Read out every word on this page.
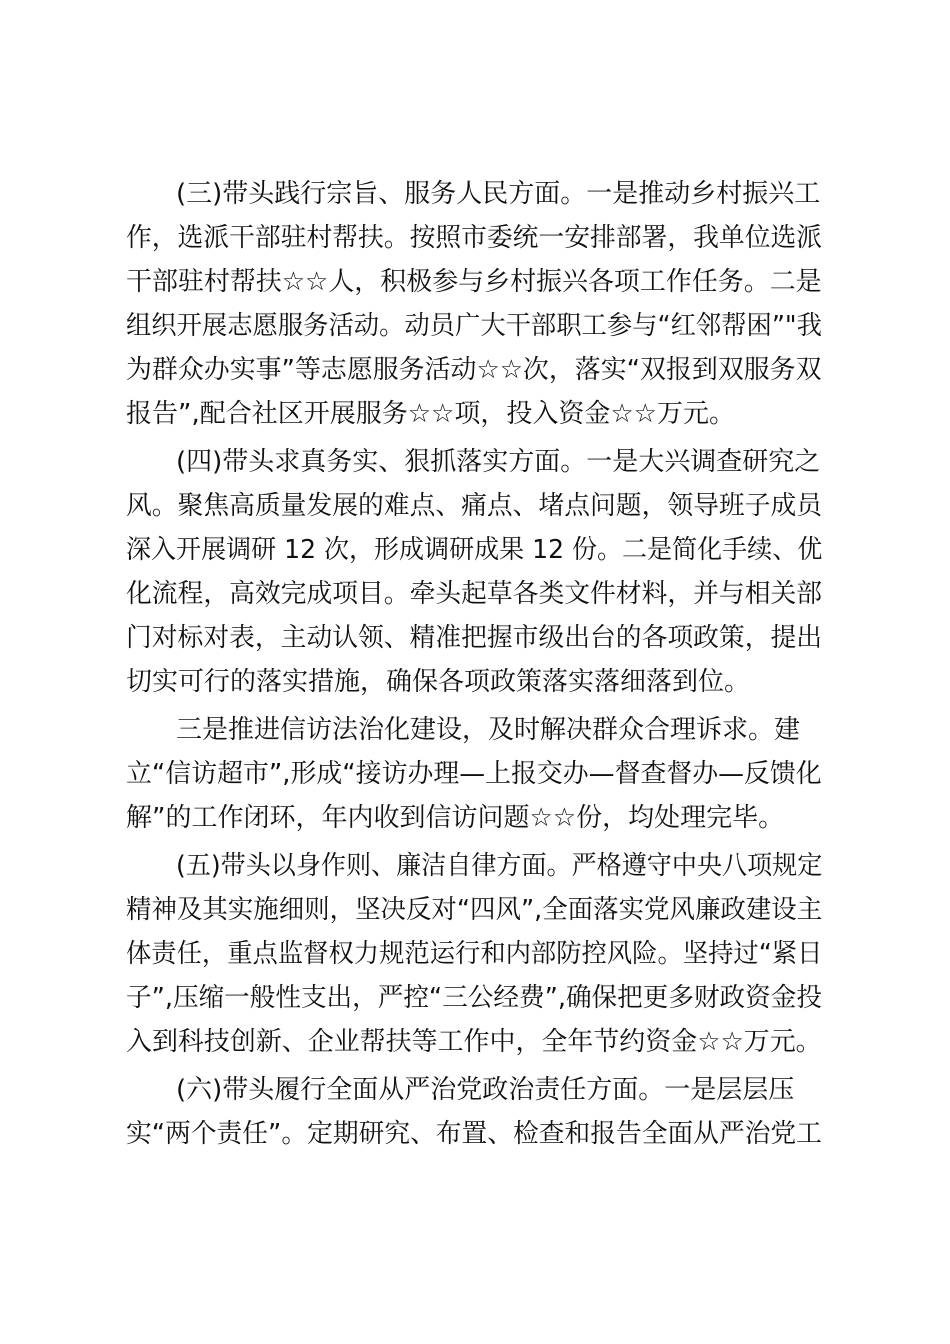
(三)带头践行宗旨、服务人民方面。一是推动乡村振兴工

作，选派干部驻村帮扶。按照市委统一安排部署，我单位选派

干部驻村帮扶☆☆人，积极参与乡村振兴各项工作任务。二是

组织开展志愿服务活动。动员广大干部职工参与“红邻帮困”"我

为群众办实事”等志愿服务活动☆☆次，落实“双报到双服务双

报告”,配合社区开展服务☆☆项，投入资金☆☆万元。

(四)带头求真务实、狠抓落实方面。一是大兴调查研究之

风。聚焦高质量发展的难点、痛点、堵点问题，领导班子成员

深入开展调研 12 次，形成调研成果 12 份。二是简化手续、优

化流程，高效完成项目。牵头起草各类文件材料，并与相关部

门对标对表，主动认领、精准把握市级出台的各项政策，提出

切实可行的落实措施，确保各项政策落实落细落到位。

三是推进信访法治化建设，及时解决群众合理诉求。建

立“信访超市”,形成“接访办理—上报交办—督查督办—反馈化

解”的工作闭环，年内收到信访问题☆☆份，均处理完毕。

(五)带头以身作则、廉洁自律方面。严格遵守中央八项规定

精神及其实施细则，坚决反对“四风”,全面落实党风廉政建设主

体责任，重点监督权力规范运行和内部防控风险。坚持过“紧日

子”,压缩一般性支出，严控“三公经费”,确保把更多财政资金投

入到科技创新、企业帮扶等工作中，全年节约资金☆☆万元。

(六)带头履行全面从严治党政治责任方面。一是层层压

实“两个责任”。定期研究、布置、检查和报告全面从严治党工
